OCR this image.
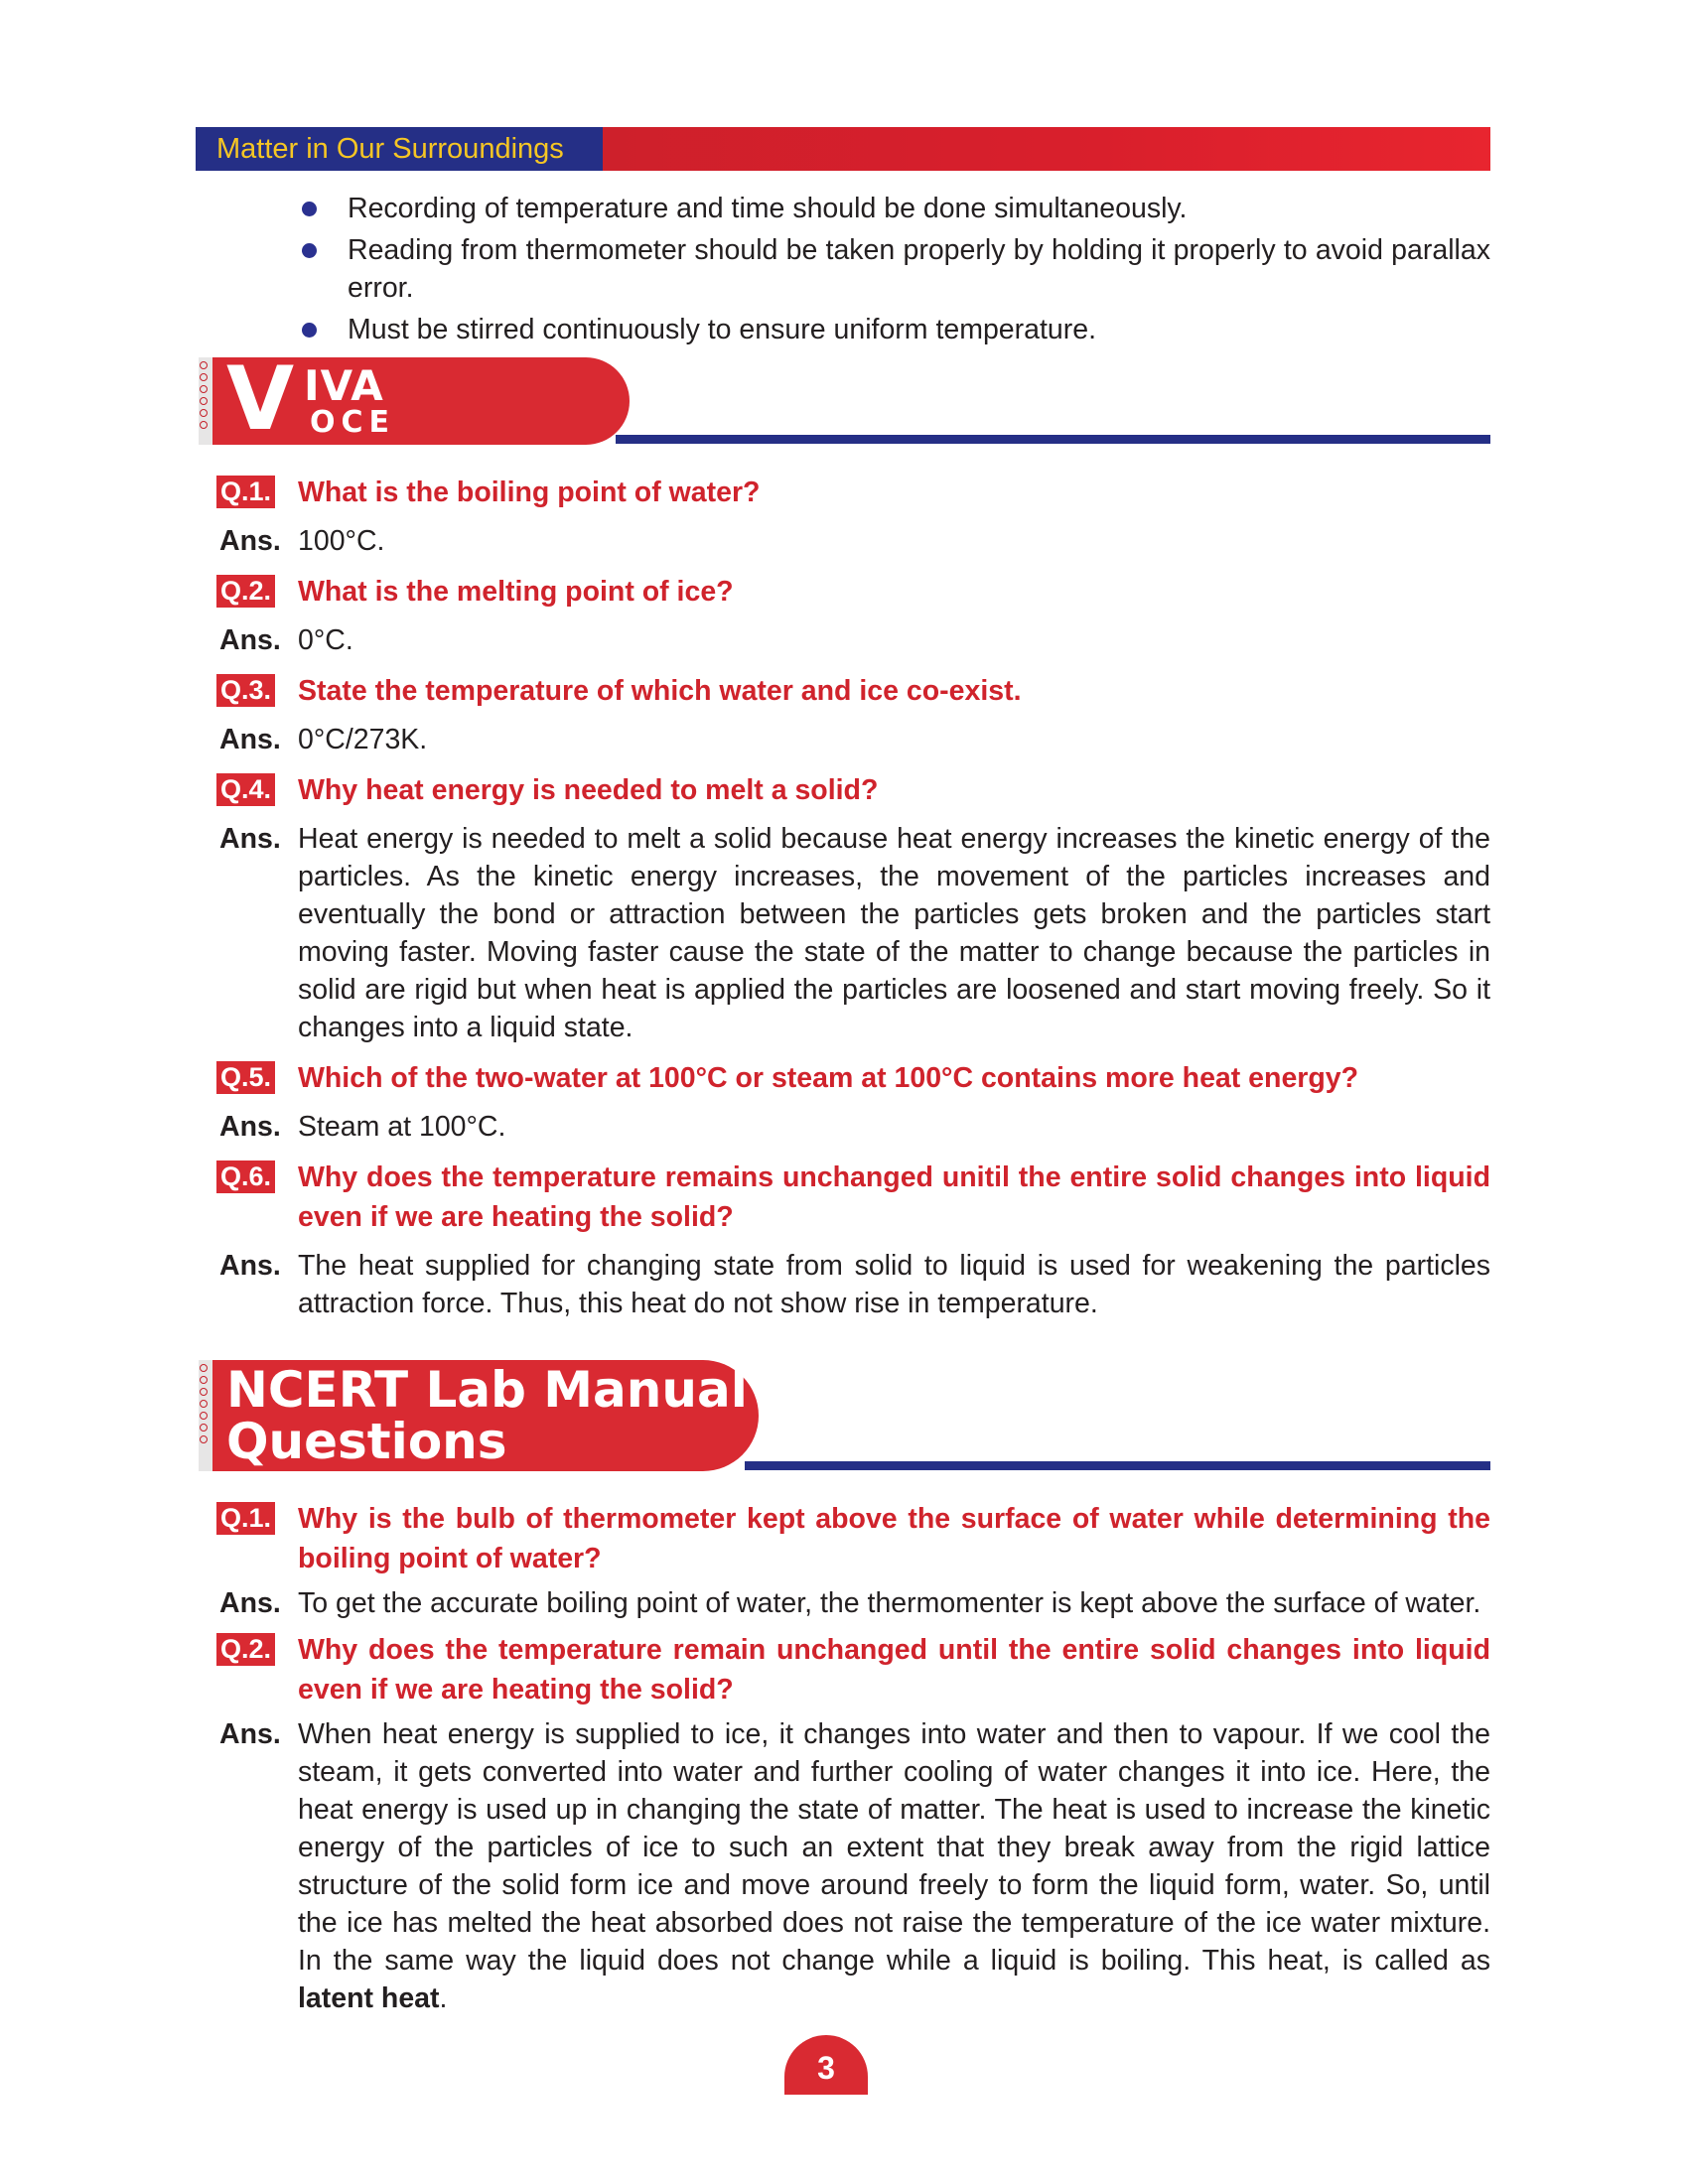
Matter in Our Surroundings
Recording of temperature and time should be done simultaneously.
Reading from thermometer should be taken properly by holding it properly to avoid parallax error.
Must be stirred continuously to ensure uniform temperature.
V IVA
OCE

Q.1. What is the boiling point of water?

Ans. 100°C.

Q.2. What is the melting point of ice?

Ans. 0°C.

Q.3. State the temperature of which water and ice co-exist.

Ans. 0°C/273K.

Q.4. Why heat energy is needed to melt a solid?

Ans. Heat energy is needed to melt a solid because heat energy increases the kinetic energy of the particles. As the kinetic energy increases, the movement of the particles increases and eventually the bond or attraction between the particles gets broken and the particles start moving faster. Moving faster cause the state of the matter to change because the particles in solid are rigid but when heat is applied the particles are loosened and start moving freely. So it changes into a liquid state.

Q.5. Which of the two-water at 100°C or steam at 100°C contains more heat energy?

Ans. Steam at 100°C.

Q.6. Why does the temperature remains unchanged unitil the entire solid changes into liquid even if we are heating the solid?

Ans. The heat supplied for changing state from solid to liquid is used for weakening the particles attraction force. Thus, this heat do not show rise in temperature.

NCERT Lab Manual
Questions

Q.1. Why is the bulb of thermometer kept above the surface of water while determining the boiling point of water?

Ans. To get the accurate boiling point of water, the thermomenter is kept above the surface of water.

Q.2. Why does the temperature remain unchanged until the entire solid changes into liquid even if we are heating the solid?

Ans. When heat energy is supplied to ice, it changes into water and then to vapour. If we cool the steam, it gets converted into water and further cooling of water changes it into ice. Here, the heat energy is used up in changing the state of matter. The heat is used to increase the kinetic energy of the particles of ice to such an extent that they break away from the rigid lattice structure of the solid form ice and move around freely to form the liquid form, water. So, until the ice has melted the heat absorbed does not raise the temperature of the ice water mixture. In the same way the liquid does not change while a liquid is boiling. This heat, is called as latent heat.

3
